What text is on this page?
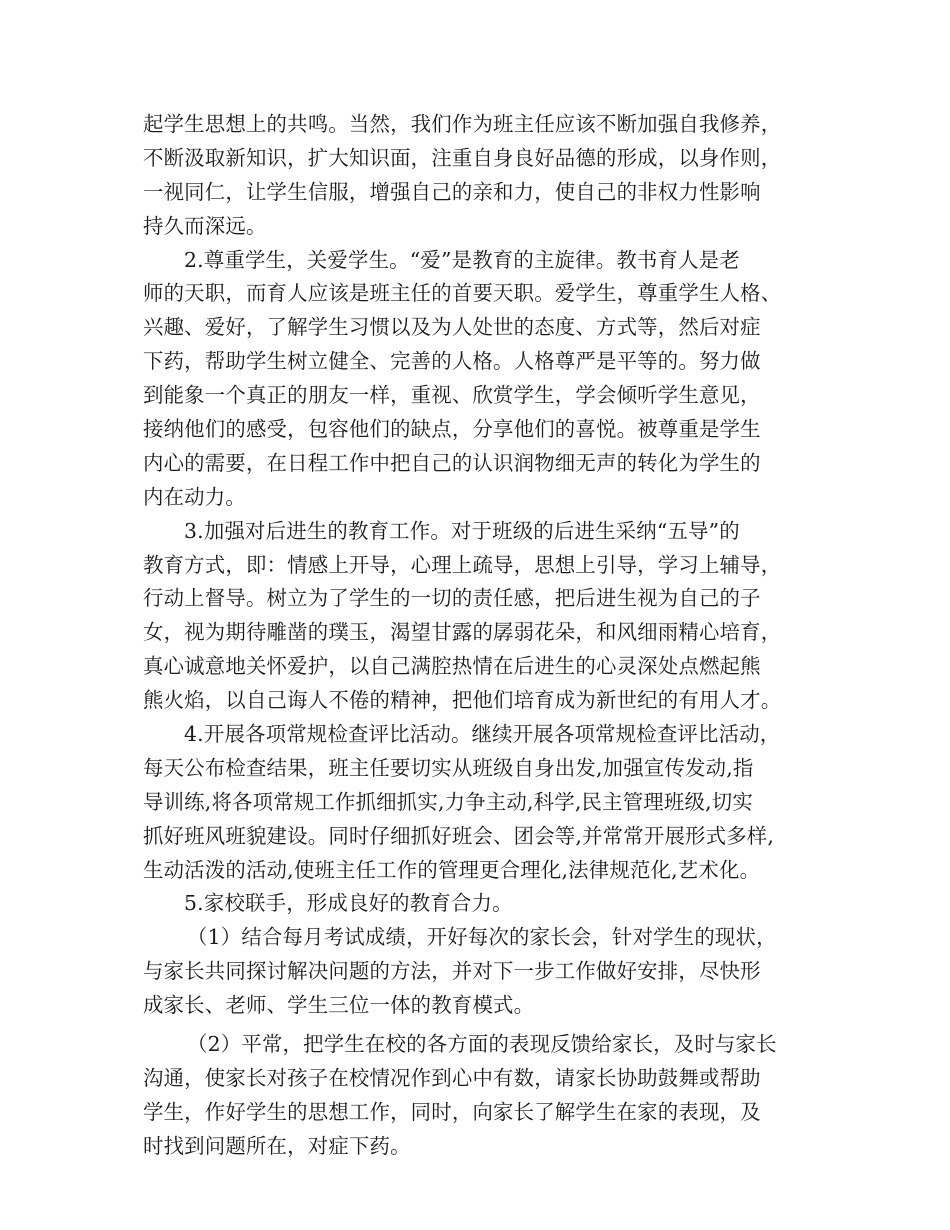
起学生思想上的共鸣。当然，我们作为班主任应该不断加强自我修养，
不断汲取新知识，扩大知识面，注重自身良好品德的形成，以身作则，
一视同仁，让学生信服，增强自己的亲和力，使自己的非权力性影响
持久而深远。
2.尊重学生，关爱学生。“爱”是教育的主旋律。教书育人是老
师的天职，而育人应该是班主任的首要天职。爱学生，尊重学生人格、
兴趣、爱好，了解学生习惯以及为人处世的态度、方式等，然后对症
下药，帮助学生树立健全、完善的人格。人格尊严是平等的。努力做
到能象一个真正的朋友一样，重视、欣赏学生，学会倾听学生意见，
接纳他们的感受，包容他们的缺点，分享他们的喜悦。被尊重是学生
内心的需要，在日程工作中把自己的认识润物细无声的转化为学生的
内在动力。
3.加强对后进生的教育工作。对于班级的后进生采纳“五导”的
教育方式，即：情感上开导，心理上疏导，思想上引导，学习上辅导，
行动上督导。树立为了学生的一切的责任感，把后进生视为自己的子
女，视为期待雕凿的璞玉，渴望甘露的孱弱花朵，和风细雨精心培育，
真心诚意地关怀爱护，以自己满腔热情在后进生的心灵深处点燃起熊
熊火焰，以自己诲人不倦的精神，把他们培育成为新世纪的有用人才。
4.开展各项常规检查评比活动。继续开展各项常规检查评比活动，
每天公布检查结果，班主任要切实从班级自身出发,加强宣传发动,指
导训练,将各项常规工作抓细抓实,力争主动,科学,民主管理班级,切实
抓好班风班貌建设。同时仔细抓好班会、团会等,并常常开展形式多样,
生动活泼的活动,使班主任工作的管理更合理化,法律规范化,艺术化。
5.家校联手，形成良好的教育合力。
（1）结合每月考试成绩，开好每次的家长会，针对学生的现状，
与家长共同探讨解决问题的方法，并对下一步工作做好安排，尽快形
成家长、老师、学生三位一体的教育模式。
（2）平常，把学生在校的各方面的表现反馈给家长，及时与家长
沟通，使家长对孩子在校情况作到心中有数，请家长协助鼓舞或帮助
学生，作好学生的思想工作，同时，向家长了解学生在家的表现，及
时找到问题所在，对症下药。
